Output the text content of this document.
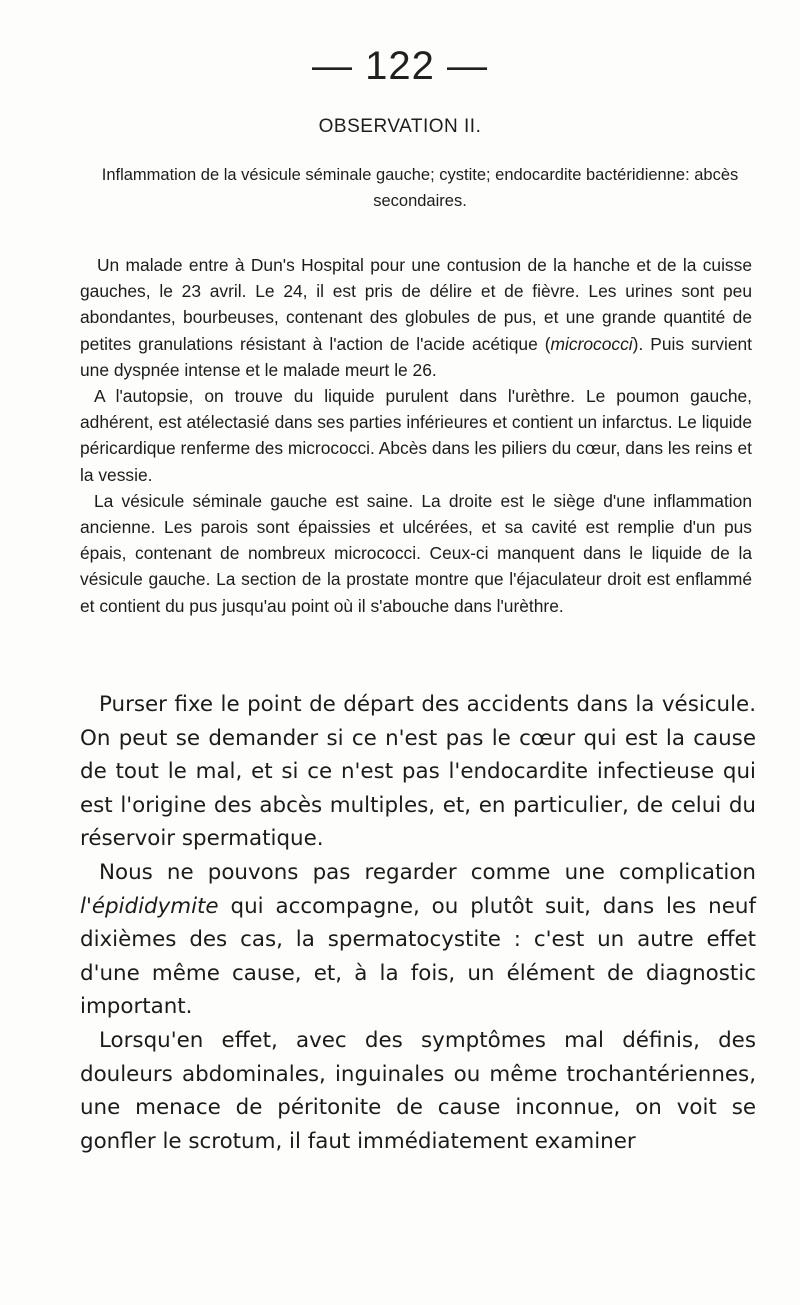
— 122 —
OBSERVATION II.
Inflammation de la vésicule séminale gauche; cystite; endocardite bactéridienne: abcès secondaires.

Un malade entre à Dun's Hospital pour une contusion de la hanche et de la cuisse gauches, le 23 avril. Le 24, il est pris de délire et de fièvre. Les urines sont peu abondantes, bourbeuses, contenant des globules de pus, et une grande quantité de petites granulations résistant à l'action de l'acide acétique (micrococci). Puis survient une dyspnée intense et le malade meurt le 26.

A l'autopsie, on trouve du liquide purulent dans l'urèthre. Le poumon gauche, adhérent, est atélectasié dans ses parties inférieures et contient un infarctus. Le liquide péricardique renferme des micrococci. Abcès dans les piliers du cœur, dans les reins et la vessie.

La vésicule séminale gauche est saine. La droite est le siège d'une inflammation ancienne. Les parois sont épaissies et ulcérées, et sa cavité est remplie d'un pus épais, contenant de nombreux micrococci. Ceux-ci manquent dans le liquide de la vésicule gauche. La section de la prostate montre que l'éjaculateur droit est enflammé et contient du pus jusqu'au point où il s'abouche dans l'urèthre.

Purser fixe le point de départ des accidents dans la vésicule. On peut se demander si ce n'est pas le cœur qui est la cause de tout le mal, et si ce n'est pas l'endocardite infectieuse qui est l'origine des abcès multiples, et, en particulier, de celui du réservoir spermatique.

Nous ne pouvons pas regarder comme une complication l'épididymite qui accompagne, ou plutôt suit, dans les neuf dixièmes des cas, la spermatocystite : c'est un autre effet d'une même cause, et, à la fois, un élément de diagnostic important.

Lorsqu'en effet, avec des symptômes mal définis, des douleurs abdominales, inguinales ou même trochantériennes, une menace de péritonite de cause inconnue, on voit se gonfler le scrotum, il faut immédiatement examiner
